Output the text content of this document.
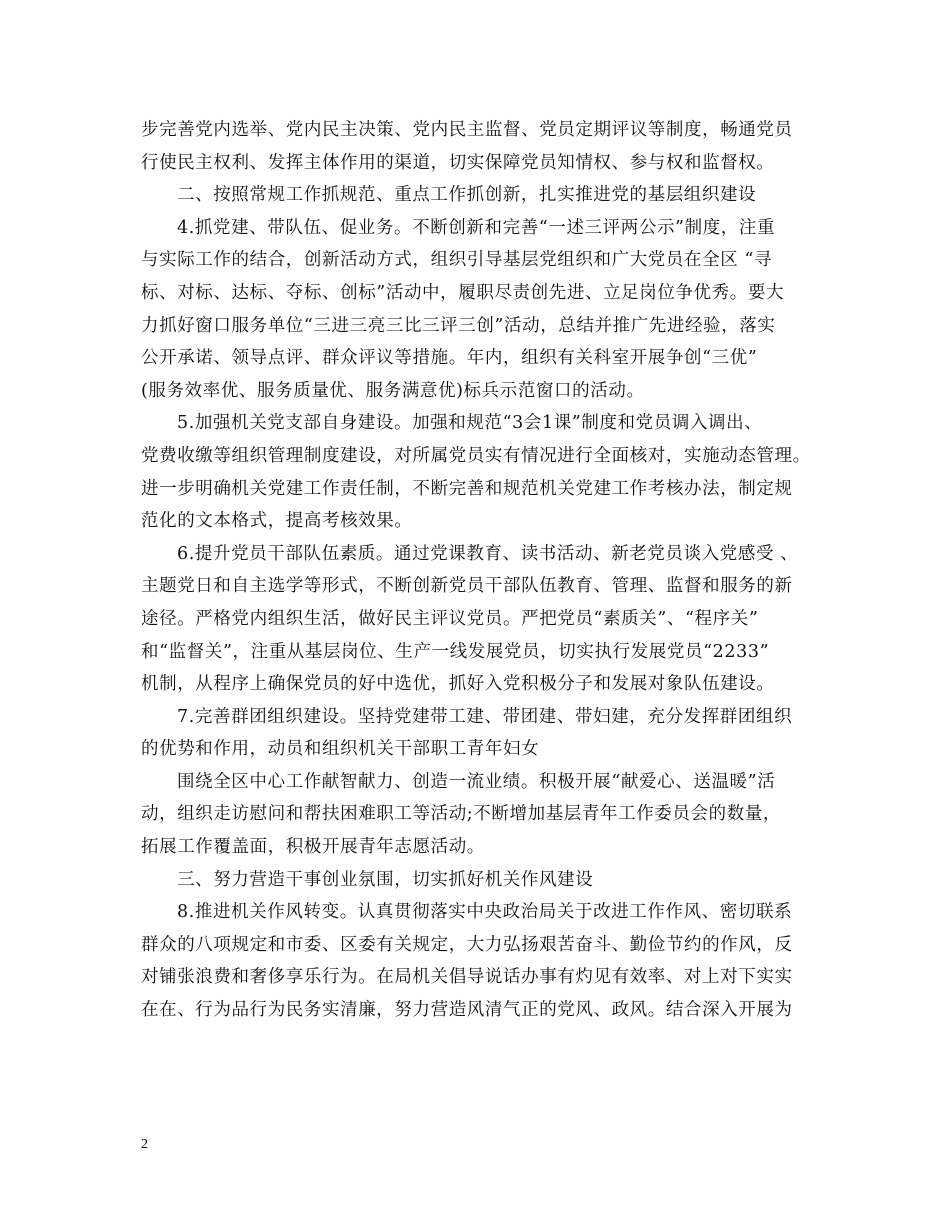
步完善党内选举、党内民主决策、党内民主监督、党员定期评议等制度，畅通党员
行使民主权利、发挥主体作用的渠道，切实保障党员知情权、参与权和监督权。
二、按照常规工作抓规范、重点工作抓创新，扎实推进党的基层组织建设
4.抓党建、带队伍、促业务。不断创新和完善“一述三评两公示”制度，注重
与实际工作的结合，创新活动方式，组织引导基层党组织和广大党员在全区 “寻
标、对标、达标、夺标、创标”活动中，履职尽责创先进、立足岗位争优秀。要大
力抓好窗口服务单位“三进三亮三比三评三创”活动，总结并推广先进经验，落实
公开承诺、领导点评、群众评议等措施。年内，组织有关科室开展争创“三优”
(服务效率优、服务质量优、服务满意优)标兵示范窗口的活动。
5.加强机关党支部自身建设。加强和规范“3会1课”制度和党员调入调出、
党费收缴等组织管理制度建设，对所属党员实有情况进行全面核对，实施动态管理。
进一步明确机关党建工作责任制，不断完善和规范机关党建工作考核办法，制定规
范化的文本格式，提高考核效果。
6.提升党员干部队伍素质。通过党课教育、读书活动、新老党员谈入党感受 、
主题党日和自主选学等形式，不断创新党员干部队伍教育、管理、监督和服务的新
途径。严格党内组织生活，做好民主评议党员。严把党员“素质关”、“程序关”
和“监督关”，注重从基层岗位、生产一线发展党员，切实执行发展党员“2233”
机制，从程序上确保党员的好中选优，抓好入党积极分子和发展对象队伍建设。
7.完善群团组织建设。坚持党建带工建、带团建、带妇建，充分发挥群团组织
的优势和作用，动员和组织机关干部职工青年妇女
围绕全区中心工作献智献力、创造一流业绩。积极开展“献爱心、送温暖”活
动，组织走访慰问和帮扶困难职工等活动;不断增加基层青年工作委员会的数量，
拓展工作覆盖面，积极开展青年志愿活动。
三、努力营造干事创业氛围，切实抓好机关作风建设
8.推进机关作风转变。认真贯彻落实中央政治局关于改进工作作风、密切联系
群众的八项规定和市委、区委有关规定，大力弘扬艰苦奋斗、勤俭节约的作风，反
对铺张浪费和奢侈享乐行为。在局机关倡导说话办事有灼见有效率、对上对下实实
在在、行为品行为民务实清廉，努力营造风清气正的党风、政风。结合深入开展为
2
